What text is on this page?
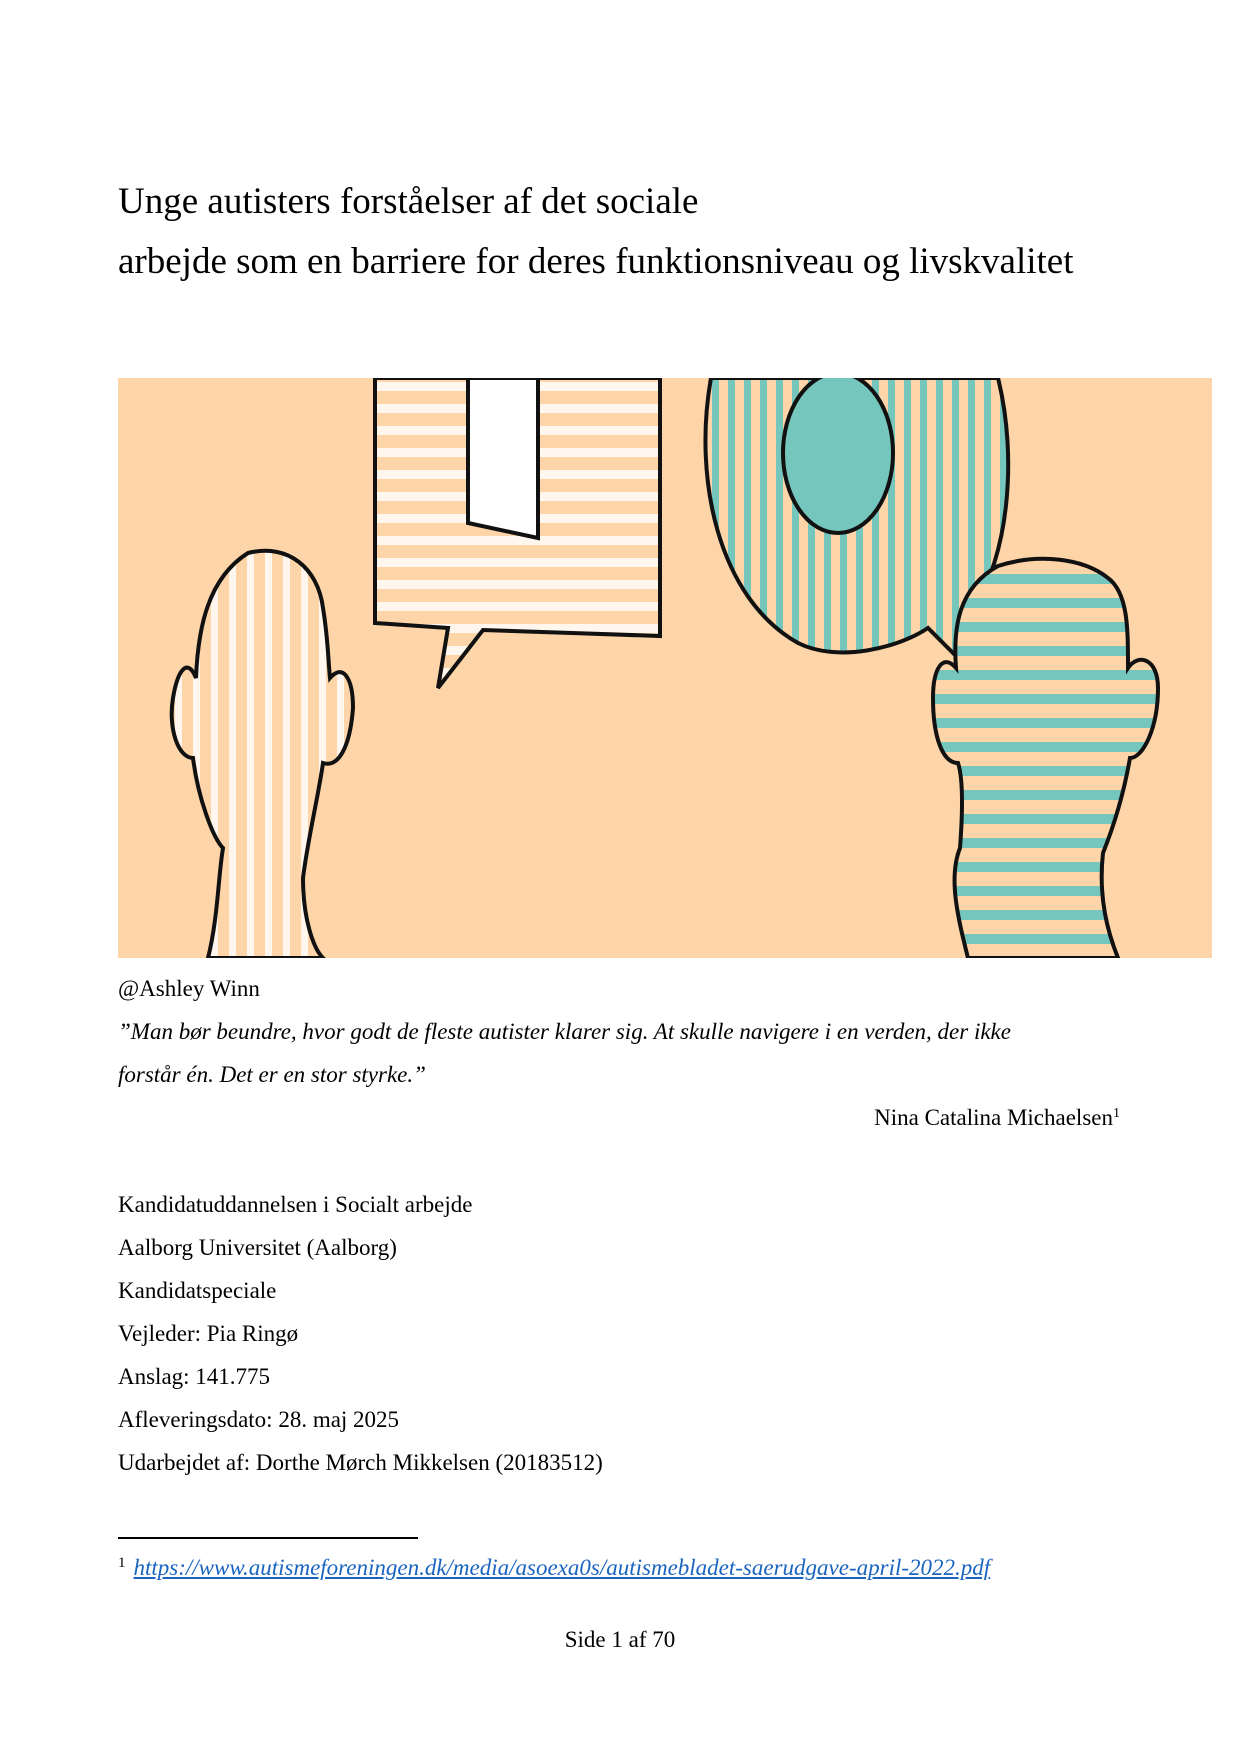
Unge autisters forståelser af det sociale
arbejde som en barriere for deres funktionsniveau og livskvalitet
@Ashley Winn
”Man bør beundre, hvor godt de fleste autister klarer sig. At skulle navigere i en verden, der ikke
forstår én. Det er en stor styrke.”
Nina Catalina Michaelsen$^1$
Kandidatuddannelsen i Socialt arbejde
Aalborg Universitet (Aalborg)
Kandidatspeciale
Vejleder: Pia Ringø
Anslag: 141.775
Afleveringsdato: 28. maj 2025
Udarbejdet af: Dorthe Mørch Mikkelsen (20183512)
$^1$ https://www.autismeforeningen.dk/media/asoexa0s/autismebladet-saerudgave-april-2022.pdf
Side 1 af 70
